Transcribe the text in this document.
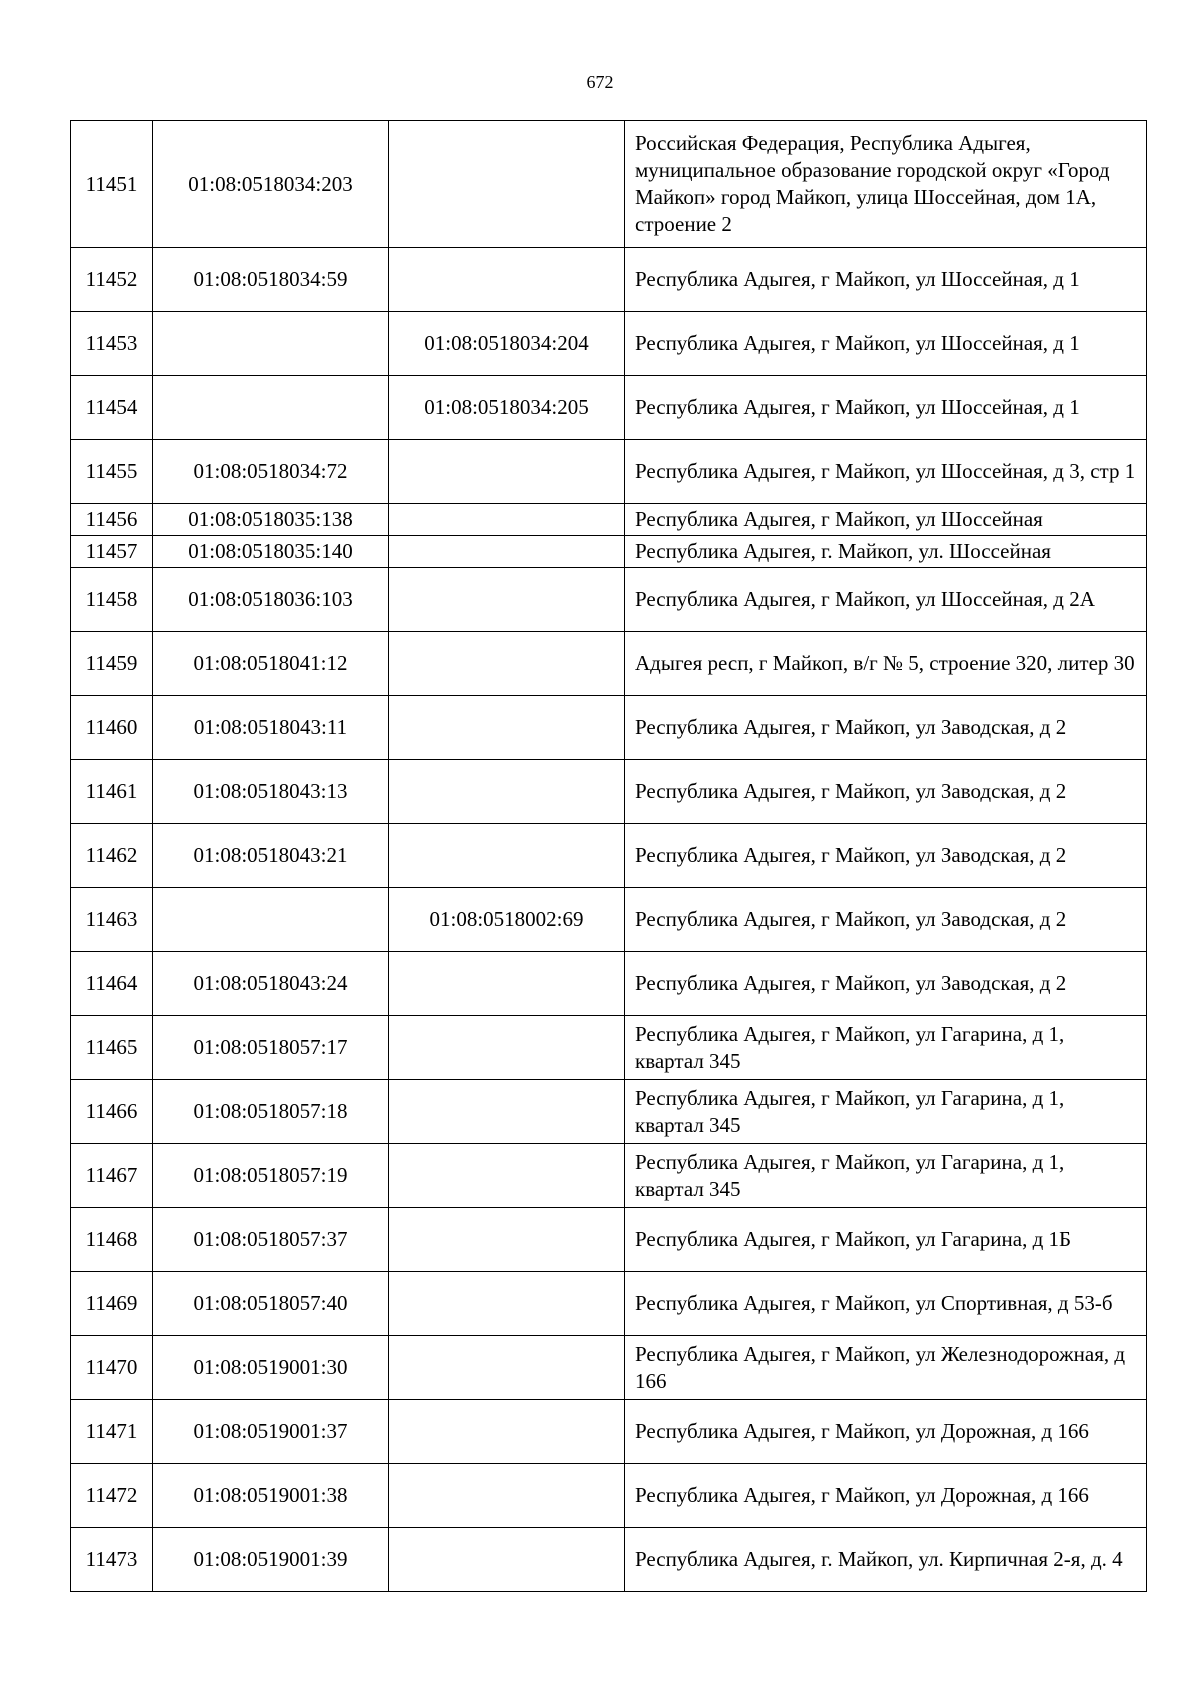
672
11451	01:08:0518034:203		Российская Федерация, Республика Адыгея, муниципальное образование городской округ «Город Майкоп» город Майкоп, улица Шоссейная, дом 1А, строение 2
11452	01:08:0518034:59		Республика Адыгея, г Майкоп, ул Шоссейная, д 1
11453		01:08:0518034:204	Республика Адыгея, г Майкоп, ул Шоссейная, д 1
11454		01:08:0518034:205	Республика Адыгея, г Майкоп, ул Шоссейная, д 1
11455	01:08:0518034:72		Республика Адыгея, г Майкоп, ул Шоссейная, д 3, стр 1
11456	01:08:0518035:138		Республика Адыгея, г Майкоп, ул Шоссейная
11457	01:08:0518035:140		Республика Адыгея, г. Майкоп, ул. Шоссейная
11458	01:08:0518036:103		Республика Адыгея, г Майкоп, ул Шоссейная, д 2А
11459	01:08:0518041:12		Адыгея респ, г Майкоп, в/г № 5, строение 320, литер 30
11460	01:08:0518043:11		Республика Адыгея, г Майкоп, ул Заводская, д 2
11461	01:08:0518043:13		Республика Адыгея, г Майкоп, ул Заводская, д 2
11462	01:08:0518043:21		Республика Адыгея, г Майкоп, ул Заводская, д 2
11463		01:08:0518002:69	Республика Адыгея, г Майкоп, ул Заводская, д 2
11464	01:08:0518043:24		Республика Адыгея, г Майкоп, ул Заводская, д 2
11465	01:08:0518057:17		Республика Адыгея, г Майкоп, ул Гагарина, д 1, квартал 345
11466	01:08:0518057:18		Республика Адыгея, г Майкоп, ул Гагарина, д 1, квартал 345
11467	01:08:0518057:19		Республика Адыгея, г Майкоп, ул Гагарина, д 1, квартал 345
11468	01:08:0518057:37		Республика Адыгея, г Майкоп, ул Гагарина, д 1Б
11469	01:08:0518057:40		Республика Адыгея, г Майкоп, ул Спортивная, д 53-б
11470	01:08:0519001:30		Республика Адыгея, г Майкоп, ул Железнодорожная, д 166
11471	01:08:0519001:37		Республика Адыгея, г Майкоп, ул Дорожная, д 166
11472	01:08:0519001:38		Республика Адыгея, г Майкоп, ул Дорожная, д 166
11473	01:08:0519001:39		Республика Адыгея, г. Майкоп, ул. Кирпичная 2-я, д. 4
